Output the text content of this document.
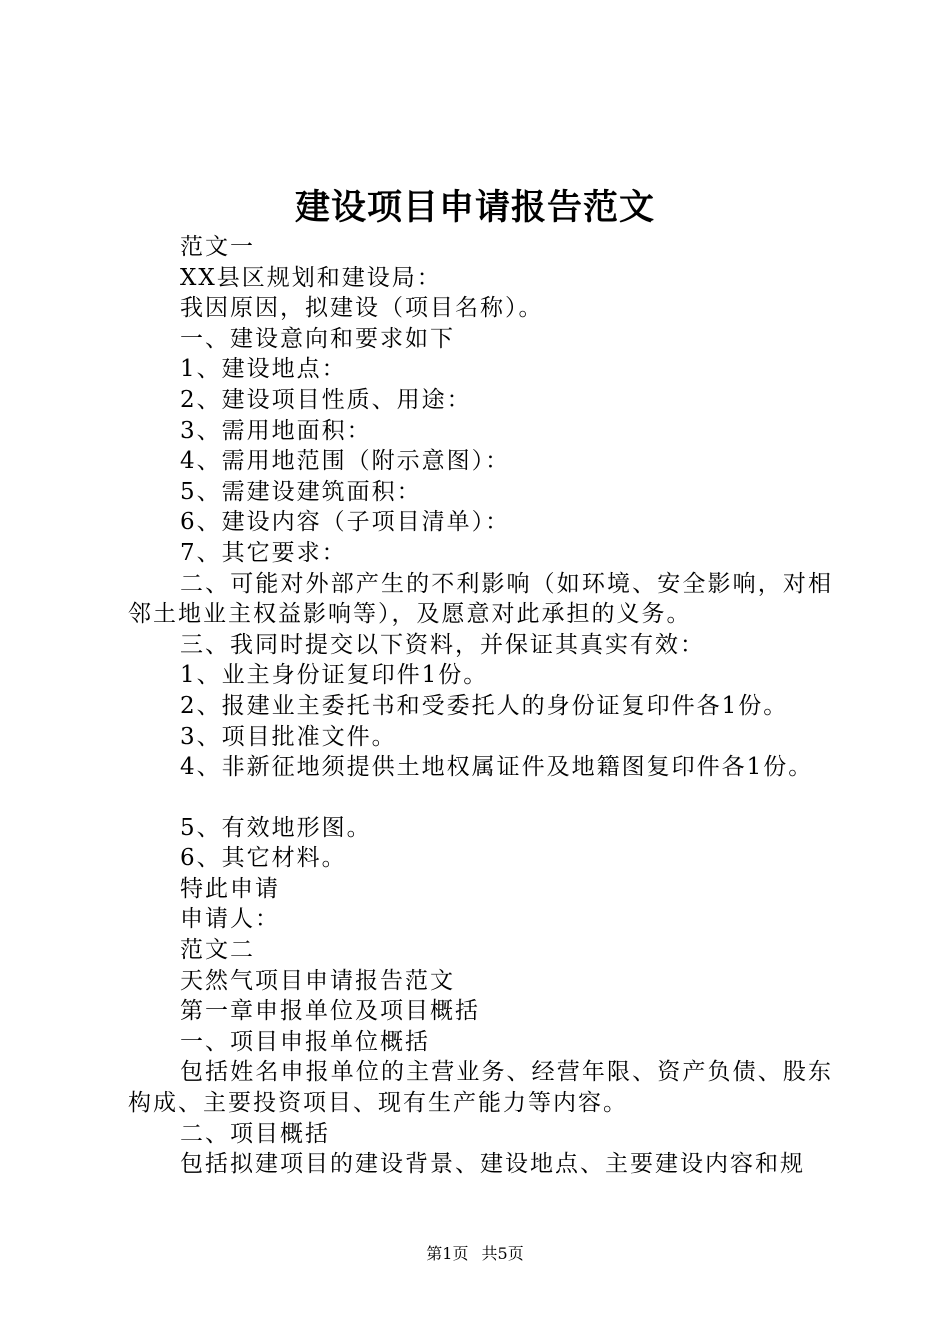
建设项目申请报告范文

范文一

XX县区规划和建设局：

我因原因，拟建设（项目名称）。

一、建设意向和要求如下

1、建设地点：

2、建设项目性质、用途：

3、需用地面积：

4、需用地范围（附示意图）：

5、需建设建筑面积：

6、建设内容（子项目清单）：

7、其它要求：

二、可能对外部产生的不利影响（如环境、安全影响，对相邻土地业主权益影响等），及愿意对此承担的义务。

三、我同时提交以下资料，并保证其真实有效：

1、业主身份证复印件1份。

2、报建业主委托书和受委托人的身份证复印件各1份。

3、项目批准文件。

4、非新征地须提供土地权属证件及地籍图复印件各1份。

5、有效地形图。

6、其它材料。

特此申请

申请人：

范文二

天然气项目申请报告范文

第一章申报单位及项目概括

一、项目申报单位概括

包括姓名申报单位的主营业务、经营年限、资产负债、股东构成、主要投资项目、现有生产能力等内容。

二、项目概括

包括拟建项目的建设背景、建设地点、主要建设内容和规

第1页 共5页
